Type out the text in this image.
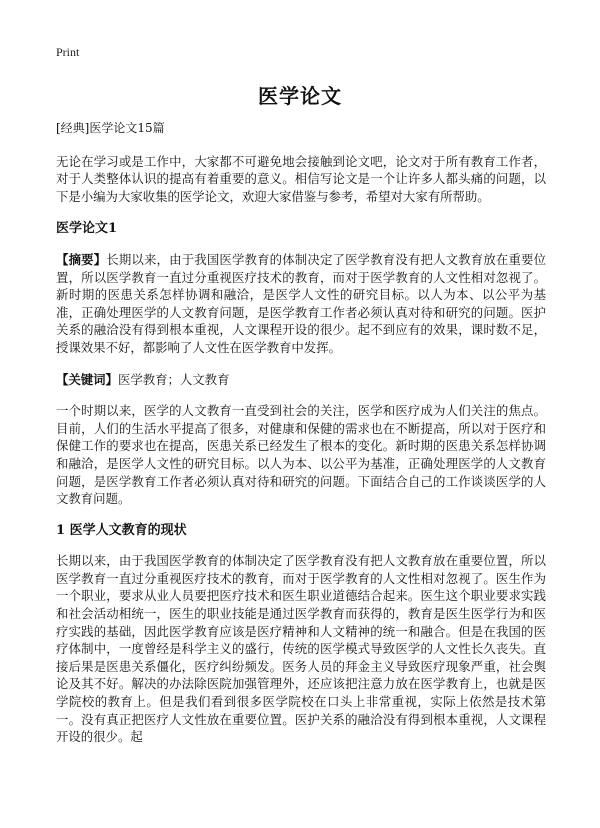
Print
医学论文

[经典]医学论文15篇

无论在学习或是工作中，大家都不可避免地会接触到论文吧，论文对于所有教育工作者，对于人类整体认识的提高有着重要的意义。相信写论文是一个让许多人都头痛的问题，以下是小编为大家收集的医学论文，欢迎大家借鉴与参考，希望对大家有所帮助。

医学论文1

【摘要】长期以来，由于我国医学教育的体制决定了医学教育没有把人文教育放在重要位置，所以医学教育一直过分重视医疗技术的教育，而对于医学教育的人文性相对忽视了。新时期的医患关系怎样协调和融洽，是医学人文性的研究目标。以人为本、以公平为基准，正确处理医学的人文教育问题，是医学教育工作者必须认真对待和研究的问题。医护关系的融洽没有得到根本重视，人文课程开设的很少。起不到应有的效果，课时数不足，授课效果不好，都影响了人文性在医学教育中发挥。

【关键词】医学教育；人文教育

一个时期以来，医学的人文教育一直受到社会的关注，医学和医疗成为人们关注的焦点。目前，人们的生活水平提高了很多，对健康和保健的需求也在不断提高，所以对于医疗和保健工作的要求也在提高，医患关系已经发生了根本的变化。新时期的医患关系怎样协调和融洽，是医学人文性的研究目标。以人为本、以公平为基准，正确处理医学的人文教育问题，是医学教育工作者必须认真对待和研究的问题。下面结合自己的工作谈谈医学的人文教育问题。

1 医学人文教育的现状

长期以来，由于我国医学教育的体制决定了医学教育没有把人文教育放在重要位置，所以医学教育一直过分重视医疗技术的教育，而对于医学教育的人文性相对忽视了。医生作为一个职业，要求从业人员要把医疗技术和医生职业道德结合起来。医生这个职业要求实践和社会活动相统一，医生的职业技能是通过医学教育而获得的，教育是医生医学行为和医疗实践的基础，因此医学教育应该是医疗精神和人文精神的统一和融合。但是在我国的医疗体制中，一度曾经是科学主义的盛行，传统的医学模式导致医学的人文性长久丧失。直接后果是医患关系僵化，医疗纠纷频发。医务人员的拜金主义导致医疗现象严重，社会舆论及其不好。解决的办法除医院加强管理外，还应该把注意力放在医学教育上，也就是医学院校的教育上。但是我们看到很多医学院校在口头上非常重视，实际上依然是技术第一。没有真正把医疗人文性放在重要位置。医护关系的融洽没有得到根本重视，人文课程开设的很少。起
